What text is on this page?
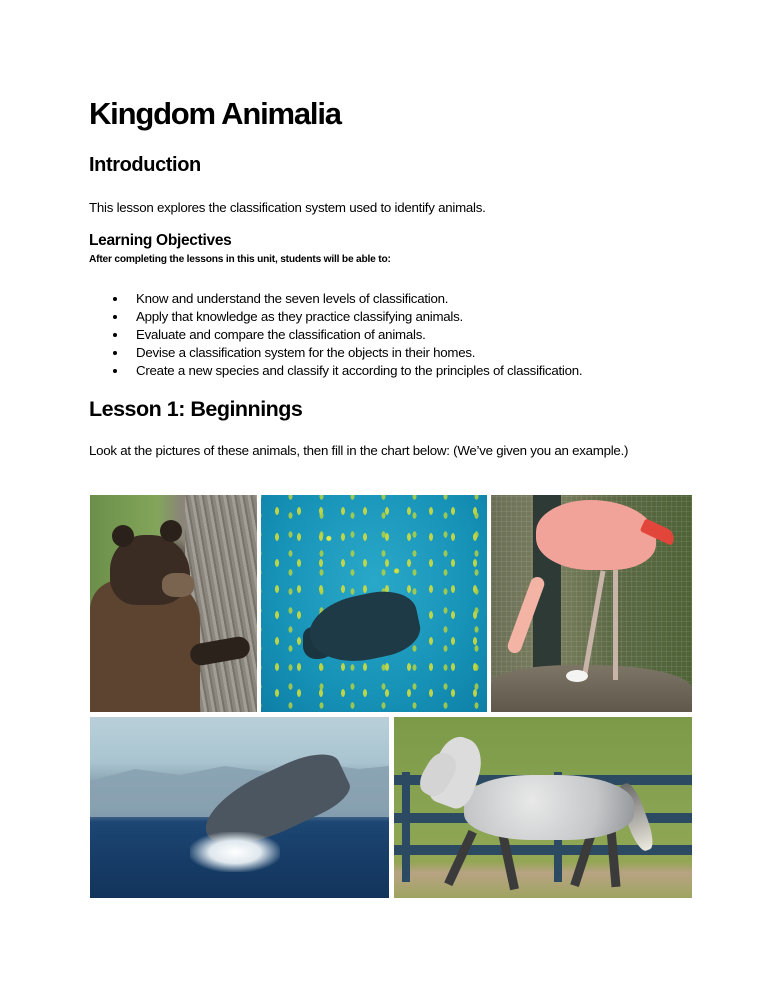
Kingdom Animalia
Introduction
This lesson explores the classification system used to identify animals.
Learning Objectives
After completing the lessons in this unit, students will be able to:
Know and understand the seven levels of classification.
Apply that knowledge as they practice classifying animals.
Evaluate and compare the classification of animals.
Devise a classification system for the objects in their homes.
Create a new species and classify it according to the principles of classification.
Lesson 1: Beginnings
Look at the pictures of these animals, then fill in the chart below: (We’ve given you an example.)
